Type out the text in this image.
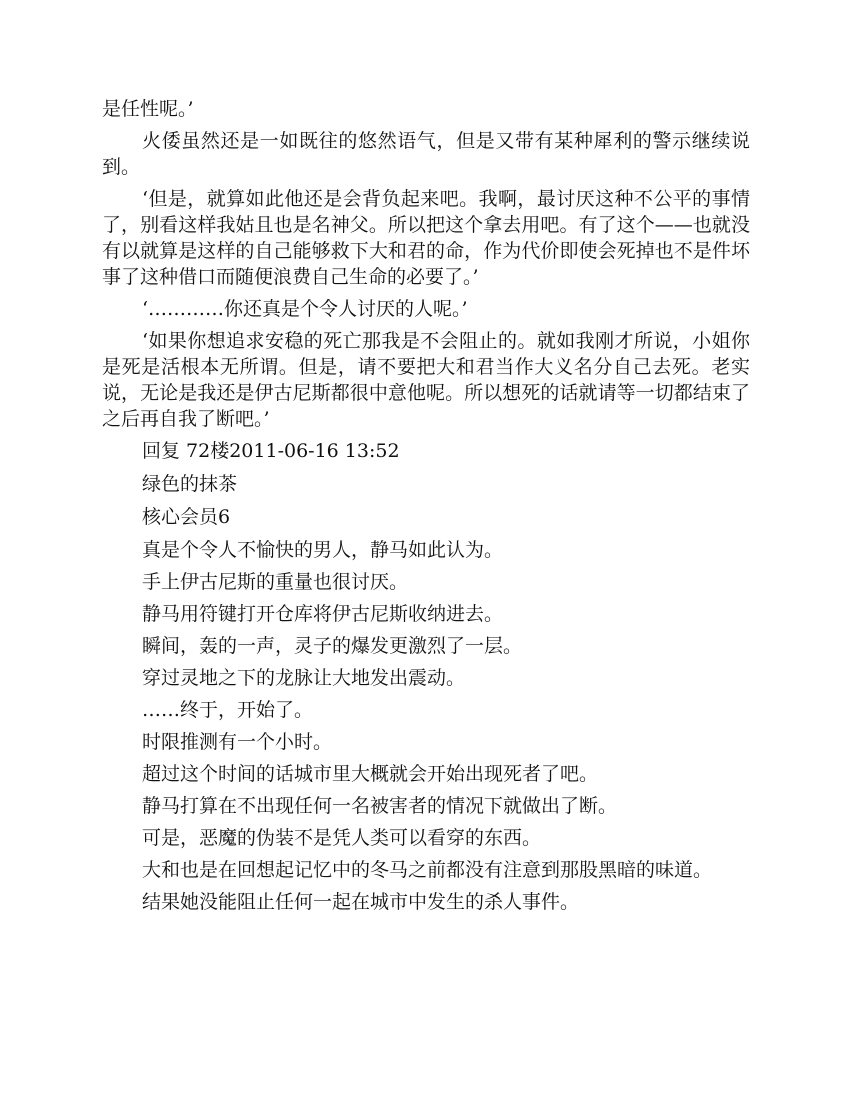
是任性呢。’

火倭虽然还是一如既往的悠然语气，但是又带有某种犀利的警示继续说到。

‘但是，就算如此他还是会背负起来吧。我啊，最讨厌这种不公平的事情了，别看这样我姑且也是名神父。所以把这个拿去用吧。有了这个——也就没有以就算是这样的自己能够救下大和君的命，作为代价即使会死掉也不是件坏事了这种借口而随便浪费自己生命的必要了。’

‘…………你还真是个令人讨厌的人呢。’

‘如果你想追求安稳的死亡那我是不会阻止的。就如我刚才所说，小姐你是死是活根本无所谓。但是，请不要把大和君当作大义名分自己去死。老实说，无论是我还是伊古尼斯都很中意他呢。所以想死的话就请等一切都结束了之后再自我了断吧。’

回复 72楼2011-06-16 13:52

绿色的抹茶

核心会员6

真是个令人不愉快的男人，静马如此认为。

手上伊古尼斯的重量也很讨厌。

静马用符键打开仓库将伊古尼斯收纳进去。

瞬间，轰的一声，灵子的爆发更激烈了一层。

穿过灵地之下的龙脉让大地发出震动。

……终于，开始了。

时限推测有一个小时。

超过这个时间的话城市里大概就会开始出现死者了吧。

静马打算在不出现任何一名被害者的情况下就做出了断。

可是，恶魔的伪装不是凭人类可以看穿的东西。

大和也是在回想起记忆中的冬马之前都没有注意到那股黑暗的味道。

结果她没能阻止任何一起在城市中发生的杀人事件。
